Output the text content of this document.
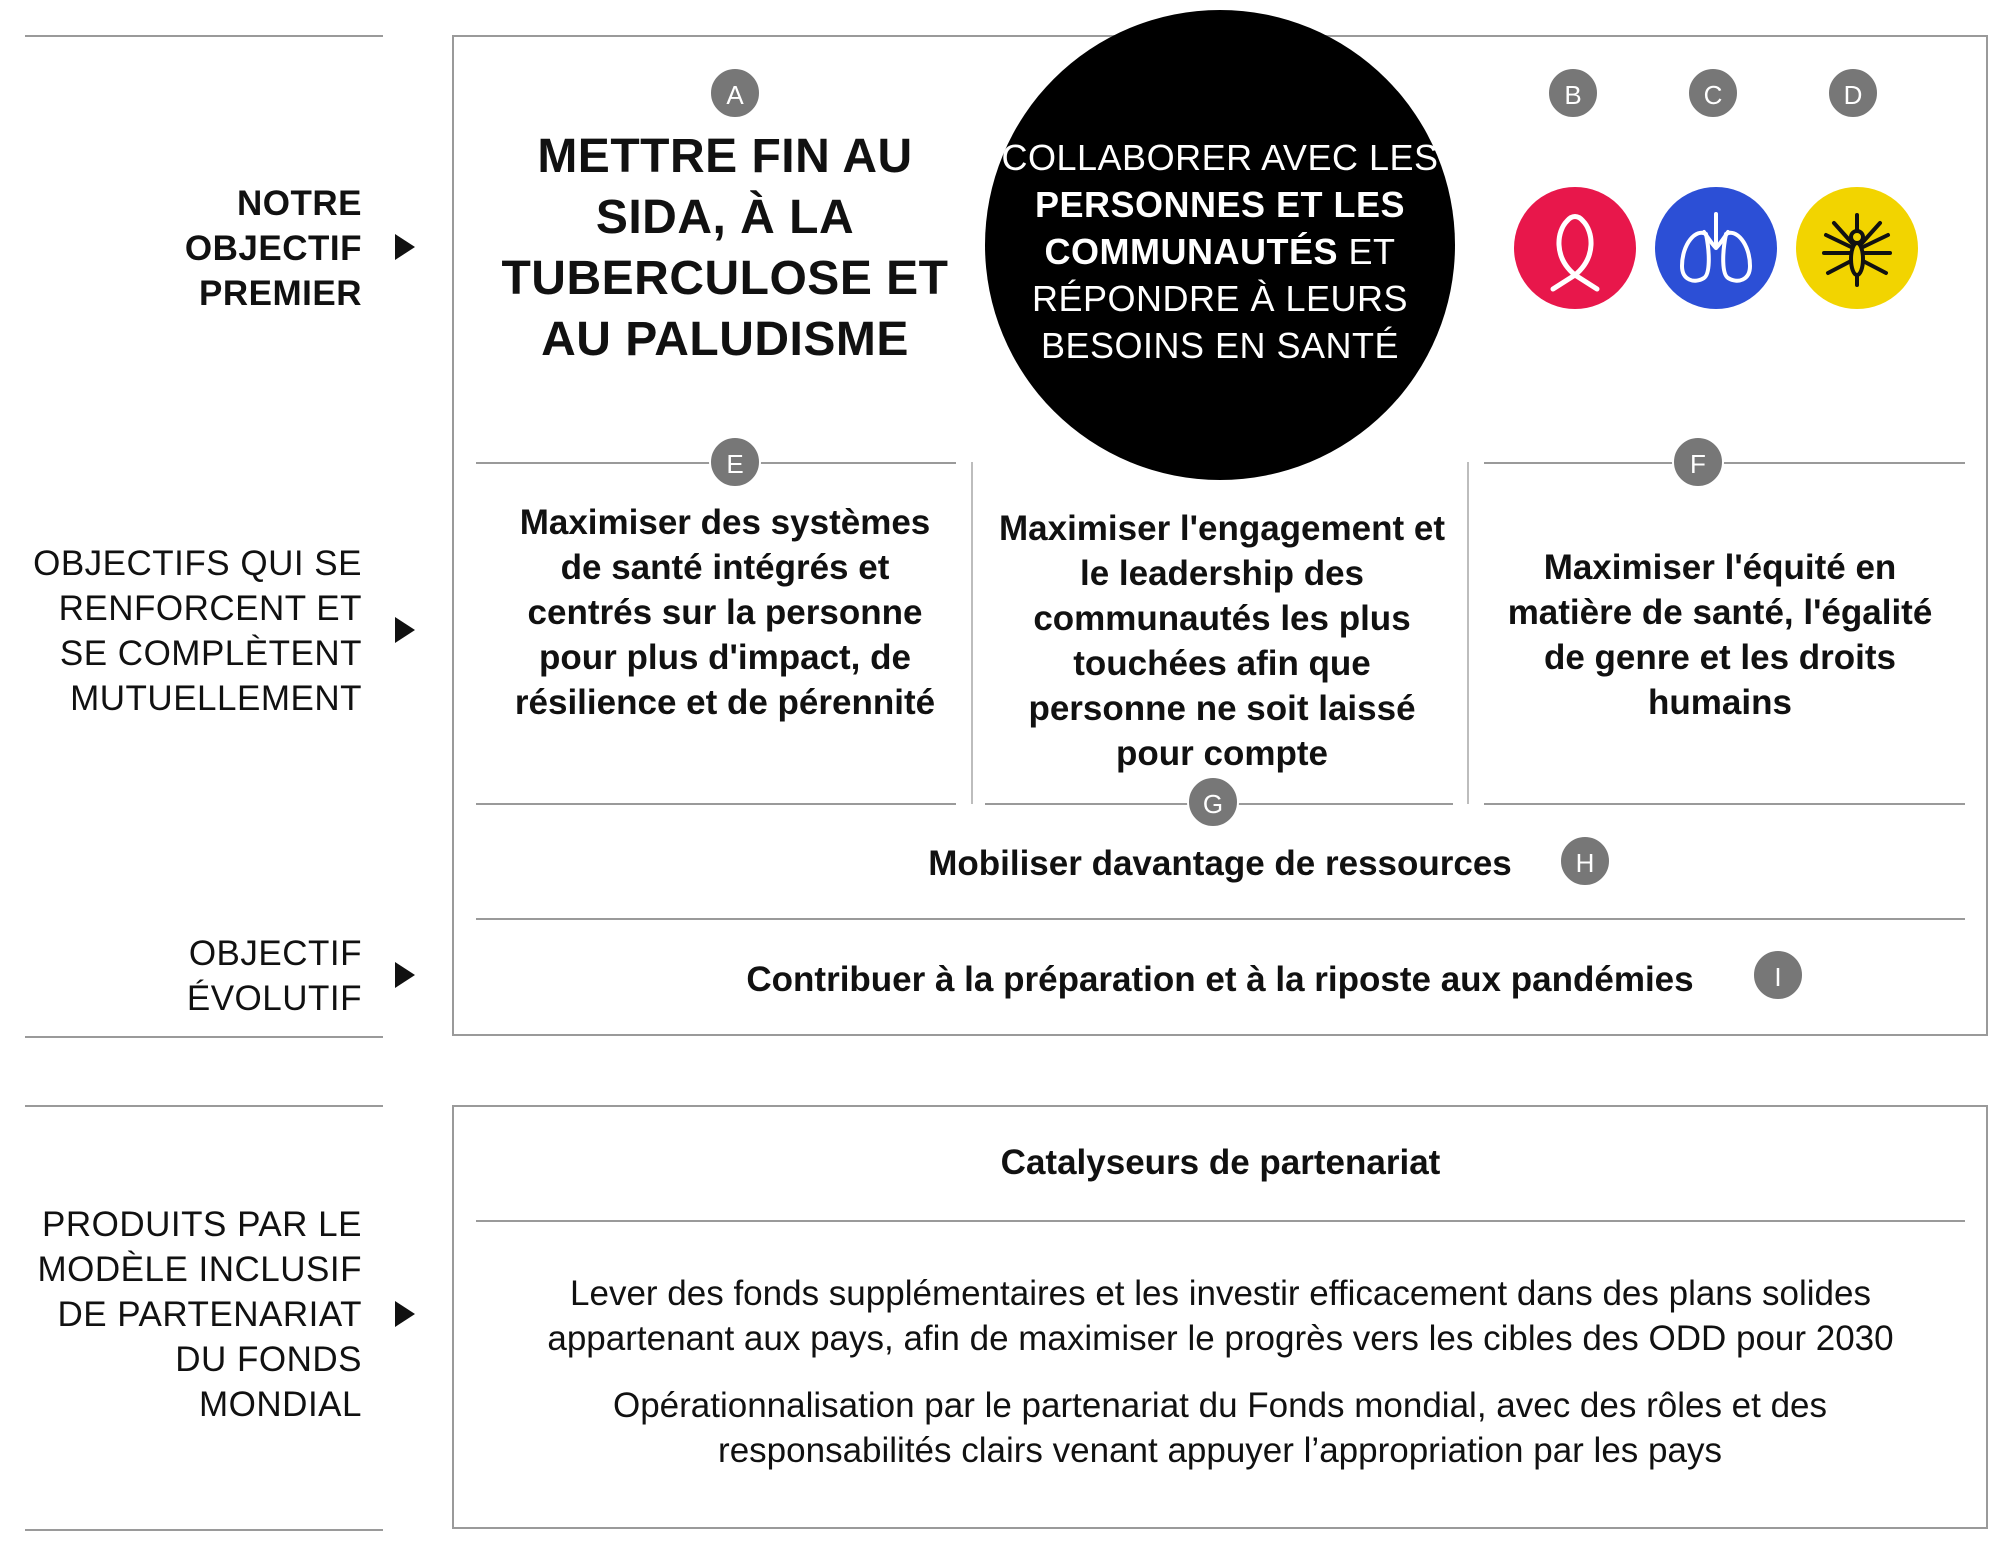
NOTRE OBJECTIF PREMIER
OBJECTIFS QUI SE RENFORCENT ET SE COMPLÈTENT MUTUELLEMENT
OBJECTIF ÉVOLUTIF
PRODUITS PAR LE MODÈLE INCLUSIF DE PARTENARIAT DU FONDS MONDIAL
A
METTRE FIN AU SIDA, À LA TUBERCULOSE ET AU PALUDISME
COLLABORER AVEC LES PERSONNES ET LES COMMUNAUTÉS ET RÉPONDRE À LEURS BESOINS EN SANTÉ
B	C	D
E
Maximiser des systèmes de santé intégrés et centrés sur la personne pour plus d'impact, de résilience et de pérennité
Maximiser l'engagement et le leadership des communautés les plus touchées afin que personne ne soit laissé pour compte
G
F
Maximiser l'équité en matière de santé, l'égalité de genre et les droits humains
Mobiliser davantage de ressources	H
Contribuer à la préparation et à la riposte aux pandémies	I
Catalyseurs de partenariat
Lever des fonds supplémentaires et les investir efficacement dans des plans solides appartenant aux pays, afin de maximiser le progrès vers les cibles des ODD pour 2030
Opérationnalisation par le partenariat du Fonds mondial, avec des rôles et des responsabilités clairs venant appuyer l’appropriation par les pays
